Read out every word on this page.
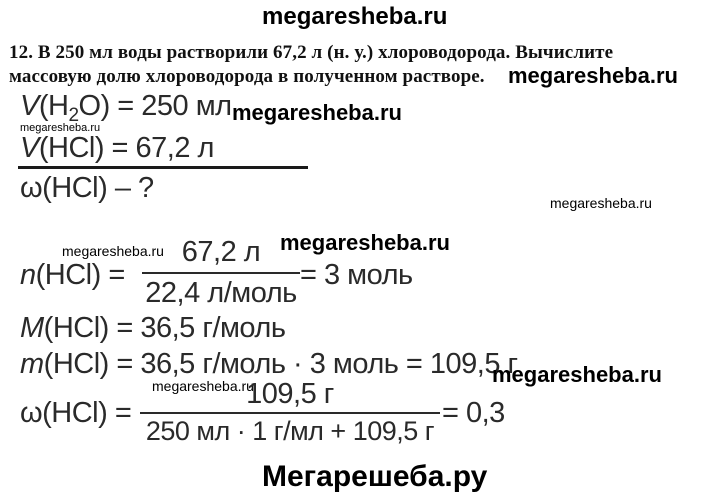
megaresheba.ru
12. В 250 мл воды растворили 67,2 л (н. у.) хлороводорода. Вычислите
массовую долю хлороводорода в полученном растворе. megaresheba.ru
$V(H_2O) = 250$ мл megaresheba.ru
megaresheba.ru
V(HCl) = 67,2 л
ω(HCl) – ?	megaresheba.ru
megaresheba.ru	megaresheba.ru
n(HCl) =
67,2 л
22,4 л/моль
= 3 моль
M(HCl) = 36,5 г/моль
m(HCl) = 36,5 г/моль · 3 моль = 109,5 г
megaresheba.ru
megaresheba.ru
ω(HCl) =
109,5 г
250 мл · 1 г/мл + 109,5 г
= 0,3
Мегарешеба.ру
